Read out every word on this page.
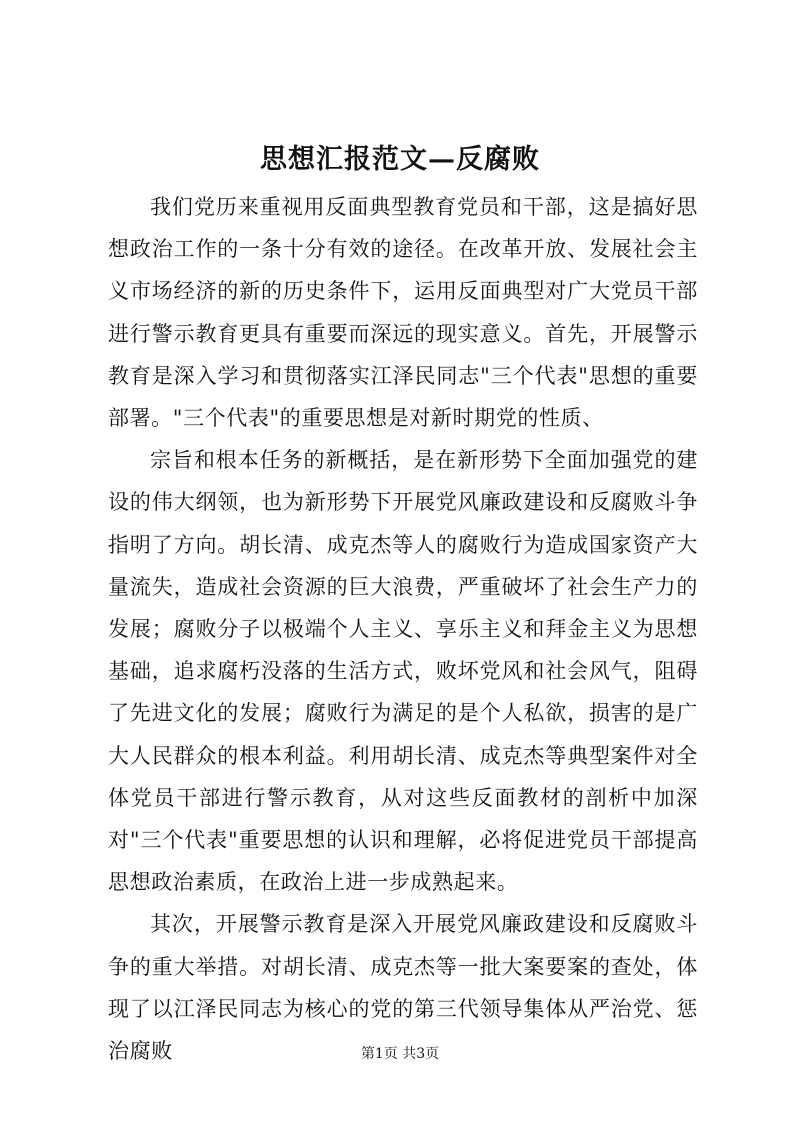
思想汇报范文—反腐败

我们党历来重视用反面典型教育党员和干部，这是搞好思想政治工作的一条十分有效的途径。在改革开放、发展社会主义市场经济的新的历史条件下，运用反面典型对广大党员干部进行警示教育更具有重要而深远的现实意义。首先，开展警示教育是深入学习和贯彻落实江泽民同志"三个代表"思想的重要部署。"三个代表"的重要思想是对新时期党的性质、

宗旨和根本任务的新概括，是在新形势下全面加强党的建设的伟大纲领，也为新形势下开展党风廉政建设和反腐败斗争指明了方向。胡长清、成克杰等人的腐败行为造成国家资产大量流失，造成社会资源的巨大浪费，严重破坏了社会生产力的发展；腐败分子以极端个人主义、享乐主义和拜金主义为思想基础，追求腐朽没落的生活方式，败坏党风和社会风气，阻碍了先进文化的发展；腐败行为满足的是个人私欲，损害的是广大人民群众的根本利益。利用胡长清、成克杰等典型案件对全体党员干部进行警示教育，从对这些反面教材的剖析中加深对"三个代表"重要思想的认识和理解，必将促进党员干部提高思想政治素质，在政治上进一步成熟起来。

其次，开展警示教育是深入开展党风廉政建设和反腐败斗争的重大举措。对胡长清、成克杰等一批大案要案的查处，体现了以江泽民同志为核心的党的第三代领导集体从严治党、惩治腐败	第1页 共3页
